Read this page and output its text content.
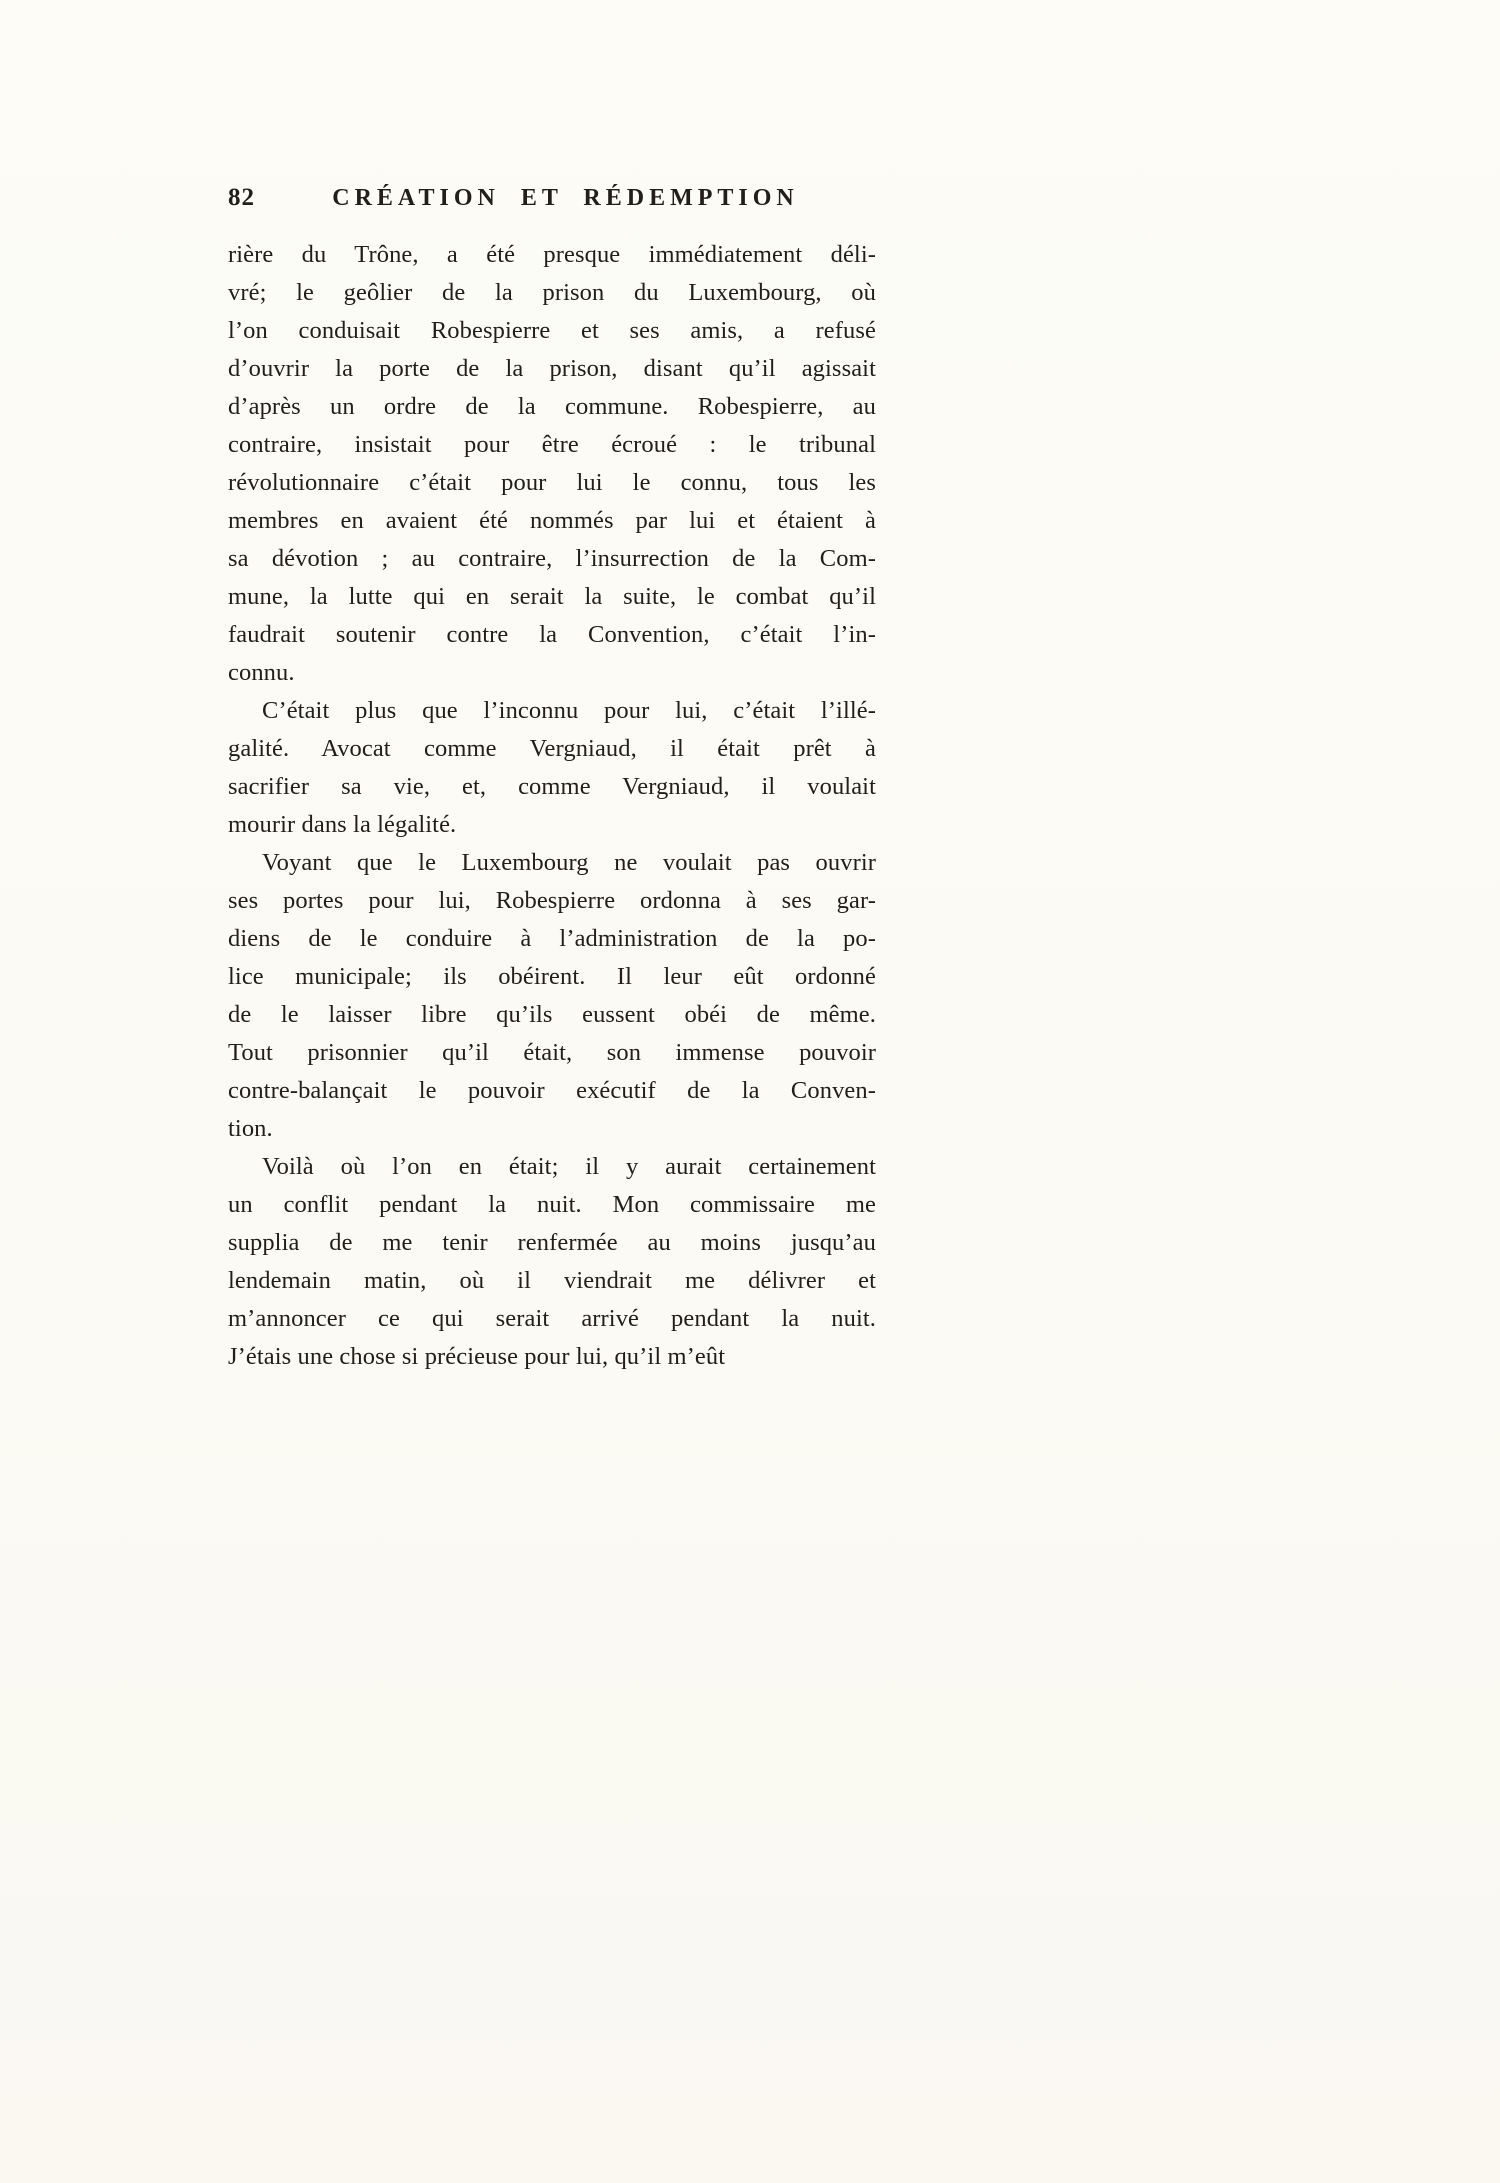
82	CRÉATION ET RÉDEMPTION
rière du Trône, a été presque immédiatement déli-
vré; le geôlier de la prison du Luxembourg, où
l’on conduisait Robespierre et ses amis, a refusé
d’ouvrir la porte de la prison, disant qu’il agissait
d’après un ordre de la commune. Robespierre, au
contraire, insistait pour être écroué : le tribunal
révolutionnaire c’était pour lui le connu, tous les
membres en avaient été nommés par lui et étaient à
sa dévotion ; au contraire, l’insurrection de la Com-
mune, la lutte qui en serait la suite, le combat qu’il
faudrait soutenir contre la Convention, c’était l’in-
connu.
C’était plus que l’inconnu pour lui, c’était l’illé-
galité. Avocat comme Vergniaud, il était prêt à
sacrifier sa vie, et, comme Vergniaud, il voulait
mourir dans la légalité.
Voyant que le Luxembourg ne voulait pas ouvrir
ses portes pour lui, Robespierre ordonna à ses gar-
diens de le conduire à l’administration de la po-
lice municipale; ils obéirent. Il leur eût ordonné
de le laisser libre qu’ils eussent obéi de même.
Tout prisonnier qu’il était, son immense pouvoir
contre-balançait le pouvoir exécutif de la Conven-
tion.
Voilà où l’on en était; il y aurait certainement
un conflit pendant la nuit. Mon commissaire me
supplia de me tenir renfermée au moins jusqu’au
lendemain matin, où il viendrait me délivrer et
m’annoncer ce qui serait arrivé pendant la nuit.
J’étais une chose si précieuse pour lui, qu’il m’eût
